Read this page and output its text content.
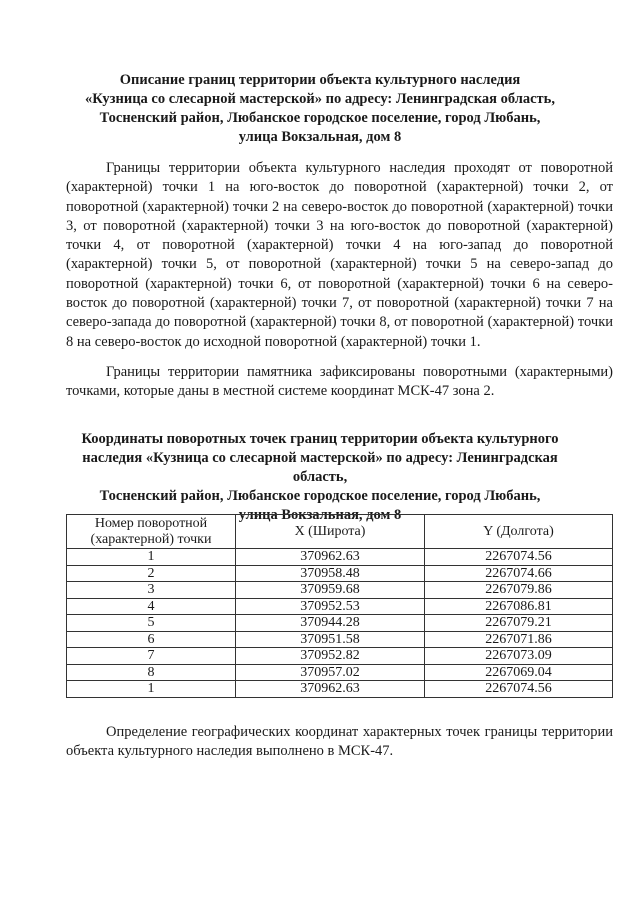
Описание границ территории объекта культурного наследия
«Кузница со слесарной мастерской» по адресу: Ленинградская область,
Тосненский район, Любанское городское поселение, город Любань,
улица Вокзальная, дом 8

Границы территории объекта культурного наследия проходят от поворотной (характерной) точки 1 на юго-восток до поворотной (характерной) точки 2, от поворотной (характерной) точки 2 на северо-восток до поворотной (характерной) точки 3, от поворотной (характерной) точки 3 на юго-восток до поворотной (характерной) точки 4, от поворотной (характерной) точки 4 на юго-запад до поворотной (характерной) точки 5, от поворотной (характерной) точки 5 на северо-запад до поворотной (характерной) точки 6, от поворотной (характерной) точки 6 на северо-восток до поворотной (характерной) точки 7, от поворотной (характерной) точки 7 на северо-запада до поворотной (характерной) точки 8, от поворотной (характерной) точки 8 на северо-восток до исходной поворотной (характерной) точки 1.

Границы территории памятника зафиксированы поворотными (характерными) точками, которые даны в местной системе координат МСК-47 зона 2.

Координаты поворотных точек границ территории объекта культурного
наследия «Кузница со слесарной мастерской» по адресу: Ленинградская область,
Тосненский район, Любанское городское поселение, город Любань,
улица Вокзальная, дом 8
Номер поворотной (характерной) точки	X (Широта)	Y (Долгота)
1	370962.63	2267074.56
2	370958.48	2267074.66
3	370959.68	2267079.86
4	370952.53	2267086.81
5	370944.28	2267079.21
6	370951.58	2267071.86
7	370952.82	2267073.09
8	370957.02	2267069.04
1	370962.63	2267074.56

Определение географических координат характерных точек границы территории объекта культурного наследия выполнено в МСК-47.
